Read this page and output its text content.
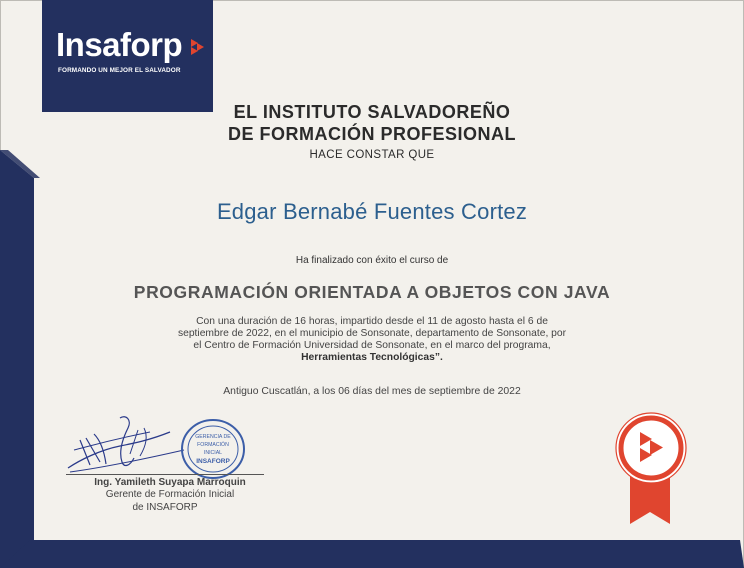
Insaforp
FORMANDO UN MEJOR EL SALVADOR
EL INSTITUTO SALVADOREÑO
DE FORMACIÓN PROFESIONAL
HACE CONSTAR QUE
Edgar Bernabé Fuentes Cortez
Ha finalizado con éxito el curso de
PROGRAMACIÓN ORIENTADA A OBJETOS CON JAVA
Con una duración de 16 horas, impartido desde el 11 de agosto hasta el 6 de
septiembre de 2022, en el municipio de Sonsonate, departamento de Sonsonate, por
el Centro de Formación Universidad de Sonsonate, en el marco del programa,
Herramientas Tecnológicas”.
Antiguo Cuscatlán, a los 06 días del mes de septiembre de 2022
GERENCIA DE
FORMACIÓN
INICIAL
INSAFORP
Ing. Yamileth Suyapa Marroquin
Gerente de Formación Inicial
de INSAFORP
